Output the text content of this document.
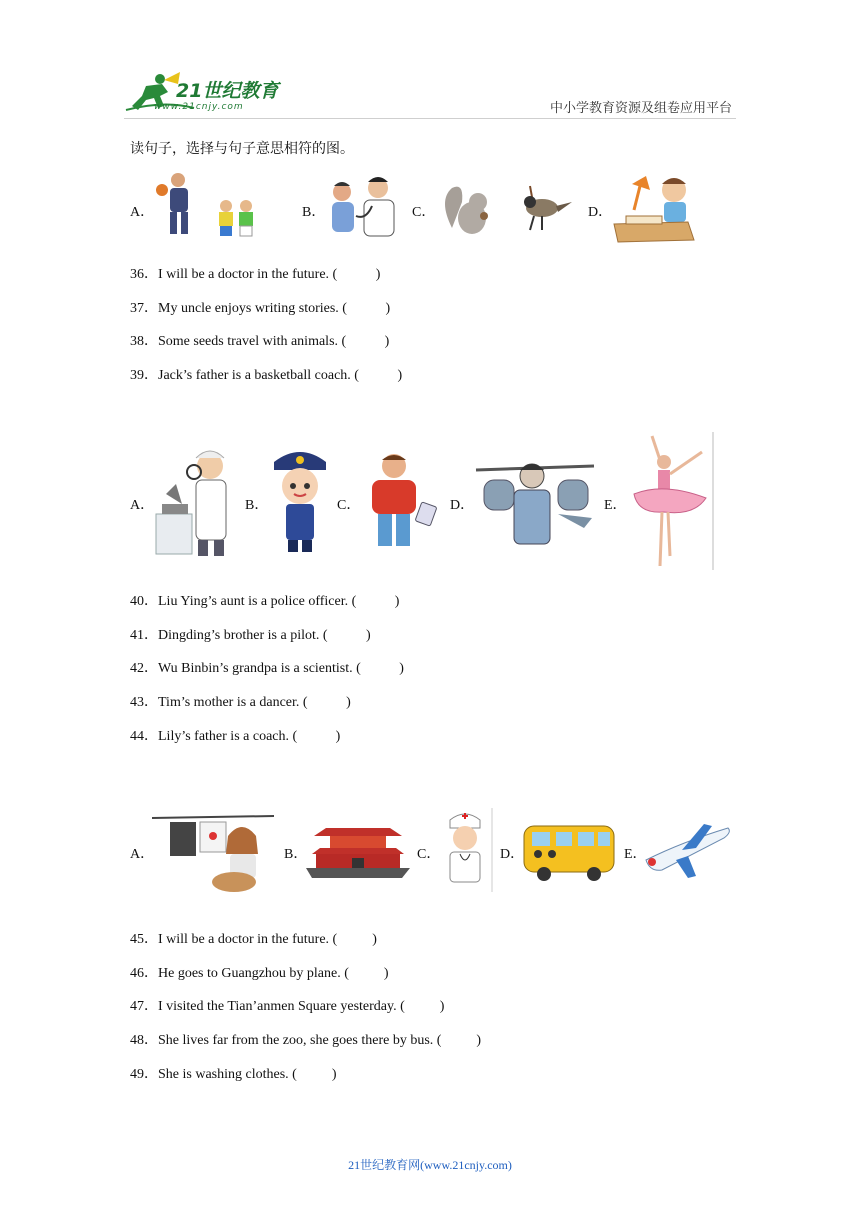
21世纪教育
www.21cnjy.com	中小学教育资源及组卷应用平台
读句子，选择与句子意思相符的图。
A．	B．	C．	D．
36．I will be a doctor in the future. (           )
37．My uncle enjoys writing stories. (           )
38．Some seeds travel with animals. (           )
39．Jack’s father is a basketball coach. (           )
A．	B．	C．	D．	E．
40．Liu Ying’s aunt is a police officer. (           )
41．Dingding’s brother is a pilot. (           )
42．Wu Binbin’s grandpa is a scientist. (           )
43．Tim’s mother is a dancer. (           )
44．Lily’s father is a coach. (           )
A．	B．	C．	D．	E．
45．I will be a doctor in the future. (          )
46．He goes to Guangzhou by plane. (          )
47．I visited the Tian’anmen Square yesterday. (          )
48．She lives far from the zoo, she goes there by bus. (          )
49．She is washing clothes. (          )
21世纪教育网(www.21cnjy.com)
